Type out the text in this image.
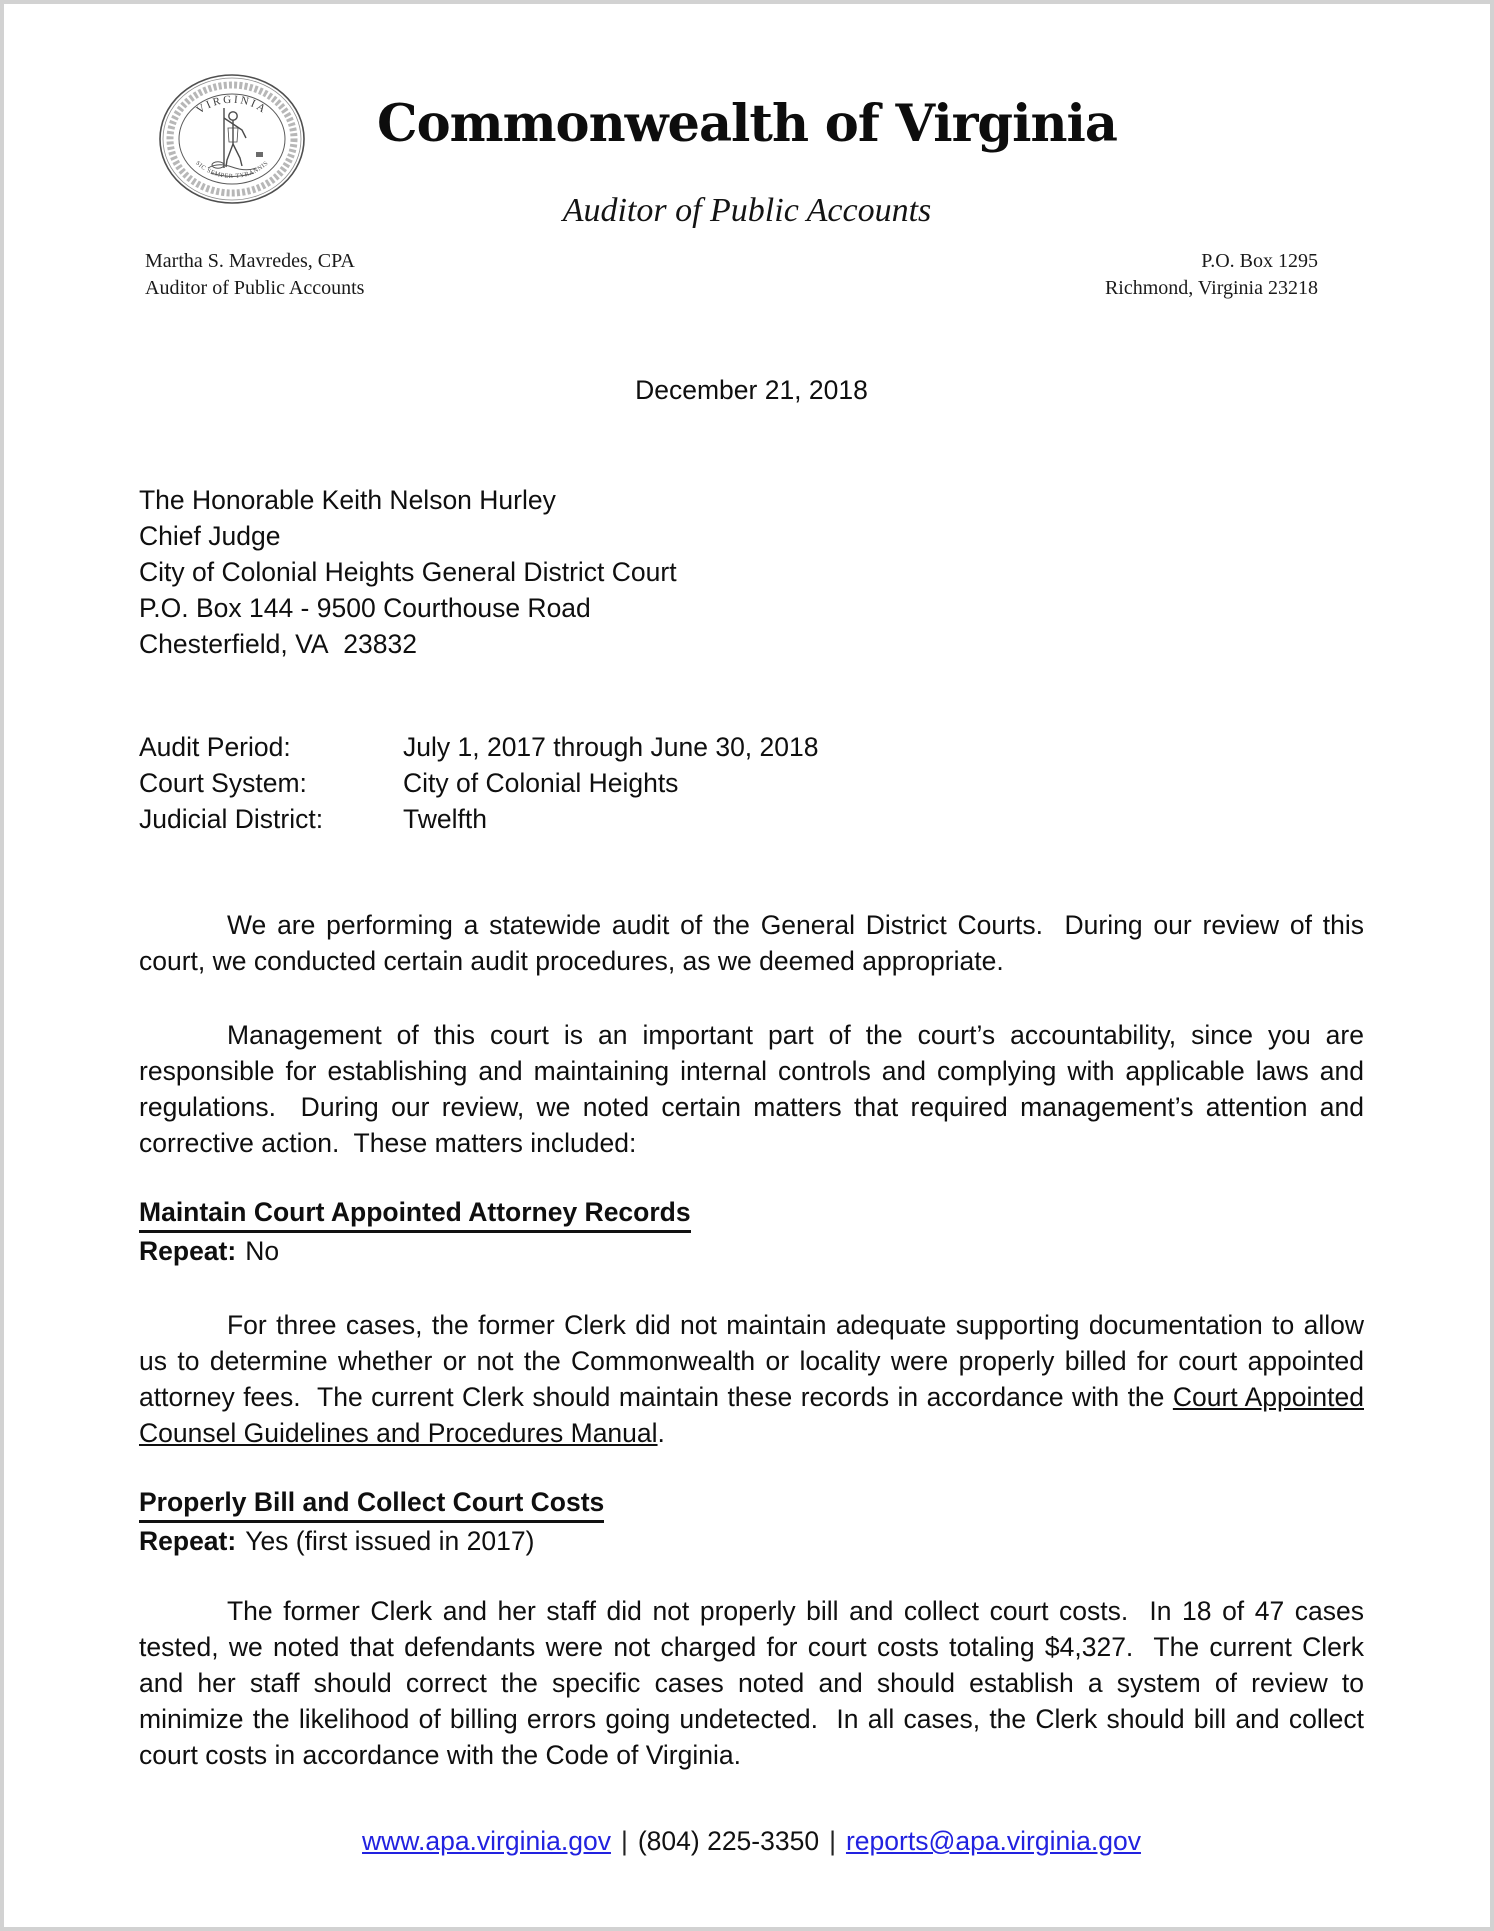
VIRGINIA
SIC SEMPER TYRANNIS
Commonwealth of Virginia
Auditor of Public Accounts
Martha S. Mavredes, CPA
Auditor of Public Accounts
P.O. Box 1295
Richmond, Virginia 23218
December 21, 2018
The Honorable Keith Nelson Hurley
Chief Judge
City of Colonial Heights General District Court
P.O. Box 144 - 9500 Courthouse Road
Chesterfield, VA  23832
Audit Period:	July 1, 2017 through June 30, 2018
Court System:	City of Colonial Heights
Judicial District:	Twelfth
We are performing a statewide audit of the General District Courts.  During our review of this court, we conducted certain audit procedures, as we deemed appropriate.
Management of this court is an important part of the court’s accountability, since you are responsible for establishing and maintaining internal controls and complying with applicable laws and regulations.  During our review, we noted certain matters that required management’s attention and corrective action.  These matters included:
Maintain Court Appointed Attorney Records
Repeat: No
For three cases, the former Clerk did not maintain adequate supporting documentation to allow us to determine whether or not the Commonwealth or locality were properly billed for court appointed attorney fees.  The current Clerk should maintain these records in accordance with the Court Appointed Counsel Guidelines and Procedures Manual.
Properly Bill and Collect Court Costs
Repeat: Yes (first issued in 2017)
The former Clerk and her staff did not properly bill and collect court costs.  In 18 of 47 cases tested, we noted that defendants were not charged for court costs totaling $4,327.  The current Clerk and her staff should correct the specific cases noted and should establish a system of review to minimize the likelihood of billing errors going undetected.  In all cases, the Clerk should bill and collect court costs in accordance with the Code of Virginia.
www.apa.virginia.gov | (804) 225-3350 | reports@apa.virginia.gov
